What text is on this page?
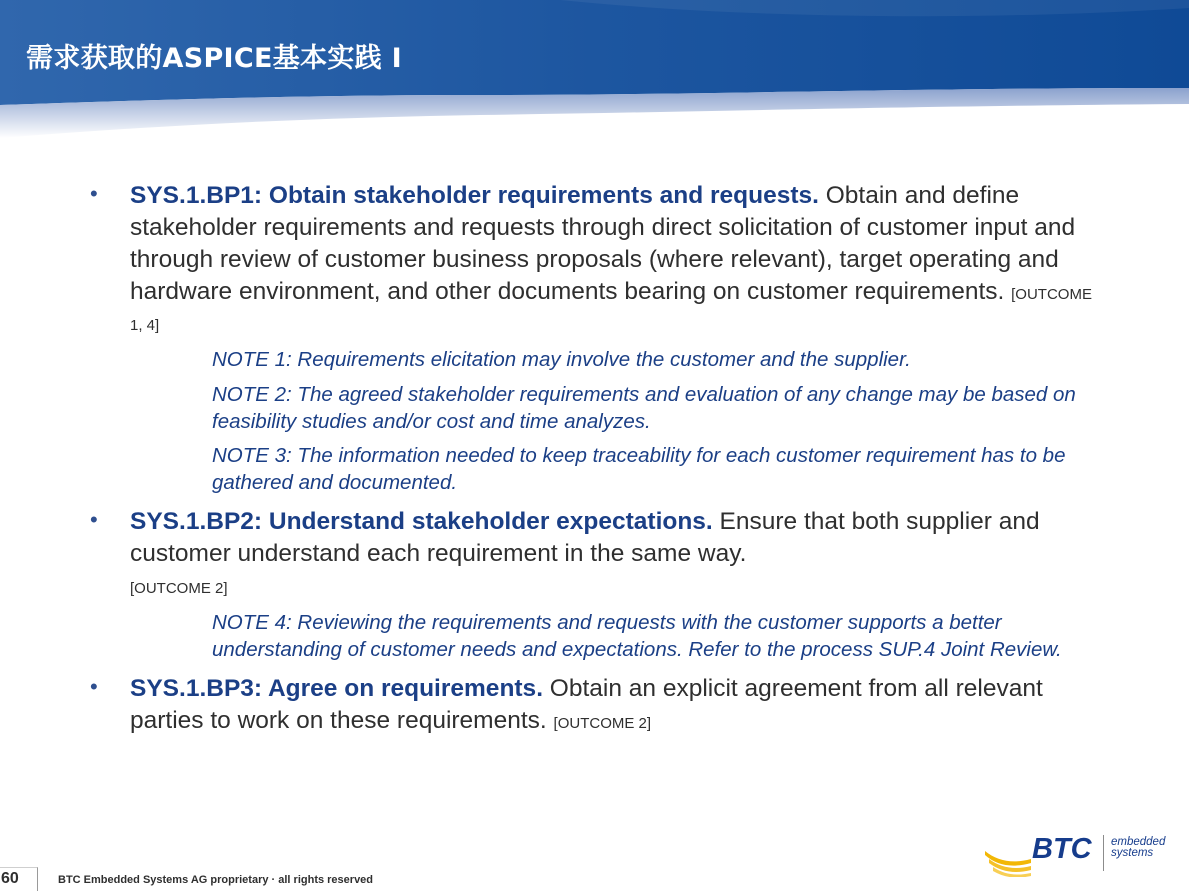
需求获取的ASPICE基本实践 I
• SYS.1.BP1: Obtain stakeholder requirements and requests. Obtain and define stakeholder requirements and requests through direct solicitation of customer input and through review of customer business proposals (where relevant), target operating and hardware environment, and other documents bearing on customer requirements. [OUTCOME 1, 4]
NOTE 1: Requirements elicitation may involve the customer and the supplier.
NOTE 2: The agreed stakeholder requirements and evaluation of any change may be based on feasibility studies and/or cost and time analyzes.
NOTE 3: The information needed to keep traceability for each customer requirement has to be gathered and documented.
• SYS.1.BP2: Understand stakeholder expectations. Ensure that both supplier and customer understand each requirement in the same way.
[OUTCOME 2]
NOTE 4: Reviewing the requirements and requests with the customer supports a better understanding of customer needs and expectations. Refer to the process SUP.4 Joint Review.
• SYS.1.BP3: Agree on requirements. Obtain an explicit agreement from all relevant parties to work on these requirements. [OUTCOME 2]
BTC embedded systems
60	BTC Embedded Systems AG proprietary · all rights reserved
